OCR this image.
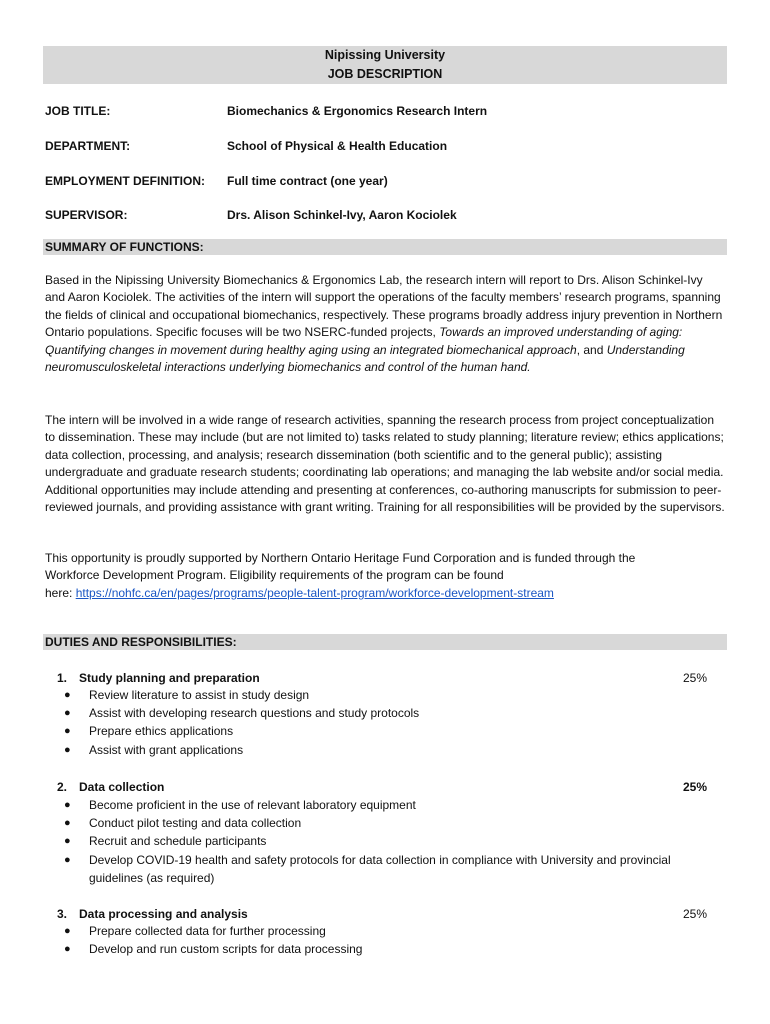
Nipissing University
JOB DESCRIPTION
JOB TITLE:	Biomechanics & Ergonomics Research Intern
DEPARTMENT:	School of Physical & Health Education
EMPLOYMENT DEFINITION: Full time contract (one year)
SUPERVISOR:	Drs. Alison Schinkel-Ivy, Aaron Kociolek
SUMMARY OF FUNCTIONS:
Based in the Nipissing University Biomechanics & Ergonomics Lab, the research intern will report to Drs. Alison Schinkel-Ivy and Aaron Kociolek. The activities of the intern will support the operations of the faculty members’ research programs, spanning the fields of clinical and occupational biomechanics, respectively. These programs broadly address injury prevention in Northern Ontario populations. Specific focuses will be two NSERC-funded projects, Towards an improved understanding of aging: Quantifying changes in movement during healthy aging using an integrated biomechanical approach, and Understanding neuromusculoskeletal interactions underlying biomechanics and control of the human hand.
The intern will be involved in a wide range of research activities, spanning the research process from project conceptualization to dissemination. These may include (but are not limited to) tasks related to study planning; literature review; ethics applications; data collection, processing, and analysis; research dissemination (both scientific and to the general public); assisting undergraduate and graduate research students; coordinating lab operations; and managing the lab website and/or social media. Additional opportunities may include attending and presenting at conferences, co-authoring manuscripts for submission to peer-reviewed journals, and providing assistance with grant writing. Training for all responsibilities will be provided by the supervisors.
This opportunity is proudly supported by Northern Ontario Heritage Fund Corporation and is funded through the
Workforce Development Program. Eligibility requirements of the program can be found
here: https://nohfc.ca/en/pages/programs/people-talent-program/workforce-development-stream
DUTIES AND RESPONSIBILITIES:
1. Study planning and preparation	25%
● Review literature to assist in study design
● Assist with developing research questions and study protocols
● Prepare ethics applications
● Assist with grant applications
2. Data collection	25%
● Become proficient in the use of relevant laboratory equipment
● Conduct pilot testing and data collection
● Recruit and schedule participants
● Develop COVID-19 health and safety protocols for data collection in compliance with University and provincial guidelines (as required)
3. Data processing and analysis	25%
● Prepare collected data for further processing
● Develop and run custom scripts for data processing
